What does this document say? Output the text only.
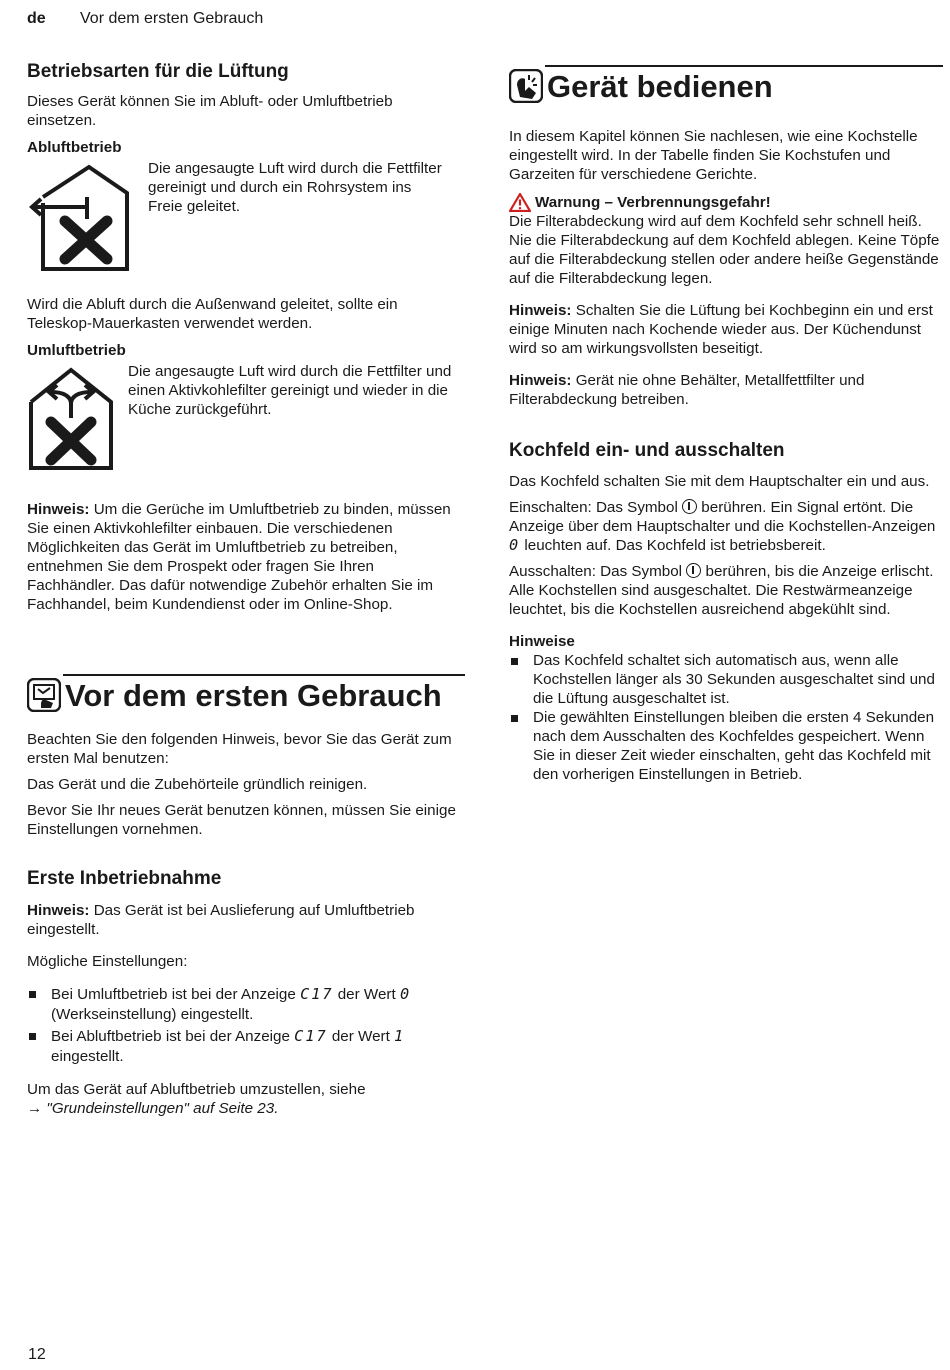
de Vor dem ersten Gebrauch
Betriebsarten für die Lüftung

Dieses Gerät können Sie im Abluft- oder Umluftbetrieb einsetzen.

Abluftbetrieb

Die angesaugte Luft wird durch die Fettfilter gereinigt und durch ein Rohrsystem ins Freie geleitet.

Wird die Abluft durch die Außenwand geleitet, sollte ein Teleskop-Mauerkasten verwendet werden.

Umluftbetrieb

Die angesaugte Luft wird durch die Fettfilter und einen Aktivkohlefilter gereinigt und wieder in die Küche zurückgeführt.

Hinweis: Um die Gerüche im Umluftbetrieb zu binden, müssen Sie einen Aktivkohlefilter einbauen. Die verschiedenen Möglichkeiten das Gerät im Umluftbetrieb zu betreiben, entnehmen Sie dem Prospekt oder fragen Sie Ihren Fachhändler. Das dafür notwendige Zubehör erhalten Sie im Fachhandel, beim Kundendienst oder im Online-Shop.

Vor dem ersten Gebrauch

Beachten Sie den folgenden Hinweis, bevor Sie das Gerät zum ersten Mal benutzen:

Das Gerät und die Zubehörteile gründlich reinigen.

Bevor Sie Ihr neues Gerät benutzen können, müssen Sie einige Einstellungen vornehmen.

Erste Inbetriebnahme

Hinweis: Das Gerät ist bei Auslieferung auf Umluftbetrieb eingestellt.

Mögliche Einstellungen:

Bei Umluftbetrieb ist bei der Anzeige C17 der Wert 0 (Werkseinstellung) eingestellt.
Bei Abluftbetrieb ist bei der Anzeige C17 der Wert 1 eingestellt.

Um das Gerät auf Abluftbetrieb umzustellen, siehe
→ "Grundeinstellungen" auf Seite 23.

Gerät bedienen

In diesem Kapitel können Sie nachlesen, wie eine Kochstelle eingestellt wird. In der Tabelle finden Sie Kochstufen und Garzeiten für verschiedene Gerichte.

Warnung – Verbrennungsgefahr!

Die Filterabdeckung wird auf dem Kochfeld sehr schnell heiß. Nie die Filterabdeckung auf dem Kochfeld ablegen. Keine Töpfe auf die Filterabdeckung stellen oder andere heiße Gegenstände auf die Filterabdeckung legen.

Hinweis: Schalten Sie die Lüftung bei Kochbeginn ein und erst einige Minuten nach Kochende wieder aus. Der Küchendunst wird so am wirkungsvollsten beseitigt.

Hinweis: Gerät nie ohne Behälter, Metallfettfilter und Filterabdeckung betreiben.

Kochfeld ein- und ausschalten

Das Kochfeld schalten Sie mit dem Hauptschalter ein und aus.

Einschalten: Das Symbol berühren. Ein Signal ertönt. Die Anzeige über dem Hauptschalter und die Kochstellen-Anzeigen 0 leuchten auf. Das Kochfeld ist betriebsbereit.

Ausschalten: Das Symbol berühren, bis die Anzeige erlischt. Alle Kochstellen sind ausgeschaltet. Die Restwärmeanzeige leuchtet, bis die Kochstellen ausreichend abgekühlt sind.

Hinweise
Das Kochfeld schaltet sich automatisch aus, wenn alle Kochstellen länger als 30 Sekunden ausgeschaltet sind und die Lüftung ausgeschaltet ist.
Die gewählten Einstellungen bleiben die ersten 4 Sekunden nach dem Ausschalten des Kochfeldes gespeichert. Wenn Sie in dieser Zeit wieder einschalten, geht das Kochfeld mit den vorherigen Einstellungen in Betrieb.
12
